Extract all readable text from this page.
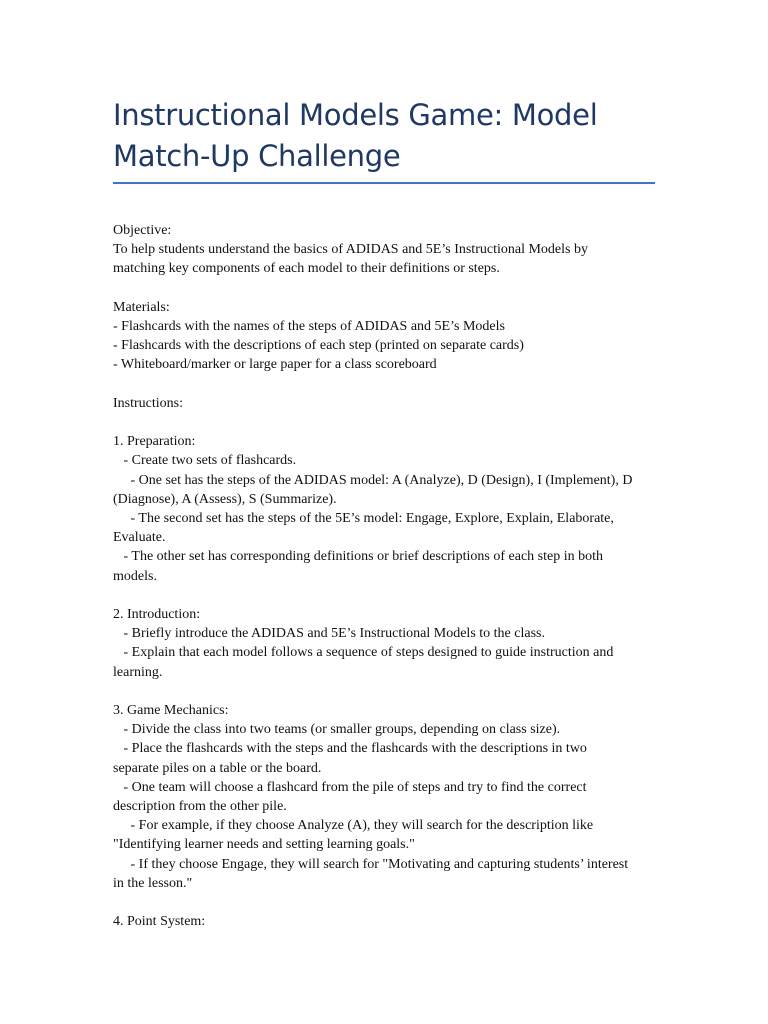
Instructional Models Game: Model
Match-Up Challenge
Objective:
To help students understand the basics of ADIDAS and 5E’s Instructional Models by
matching key components of each model to their definitions or steps.
Materials:
- Flashcards with the names of the steps of ADIDAS and 5E’s Models
- Flashcards with the descriptions of each step (printed on separate cards)
- Whiteboard/marker or large paper for a class scoreboard
Instructions:
1. Preparation:
- Create two sets of flashcards.
- One set has the steps of the ADIDAS model: A (Analyze), D (Design), I (Implement), D
(Diagnose), A (Assess), S (Summarize).
- The second set has the steps of the 5E’s model: Engage, Explore, Explain, Elaborate,
Evaluate.
- The other set has corresponding definitions or brief descriptions of each step in both
models.
2. Introduction:
- Briefly introduce the ADIDAS and 5E’s Instructional Models to the class.
- Explain that each model follows a sequence of steps designed to guide instruction and
learning.
3. Game Mechanics:
- Divide the class into two teams (or smaller groups, depending on class size).
- Place the flashcards with the steps and the flashcards with the descriptions in two
separate piles on a table or the board.
- One team will choose a flashcard from the pile of steps and try to find the correct
description from the other pile.
- For example, if they choose Analyze (A), they will search for the description like
"Identifying learner needs and setting learning goals."
- If they choose Engage, they will search for "Motivating and capturing students’ interest
in the lesson."
4. Point System:
